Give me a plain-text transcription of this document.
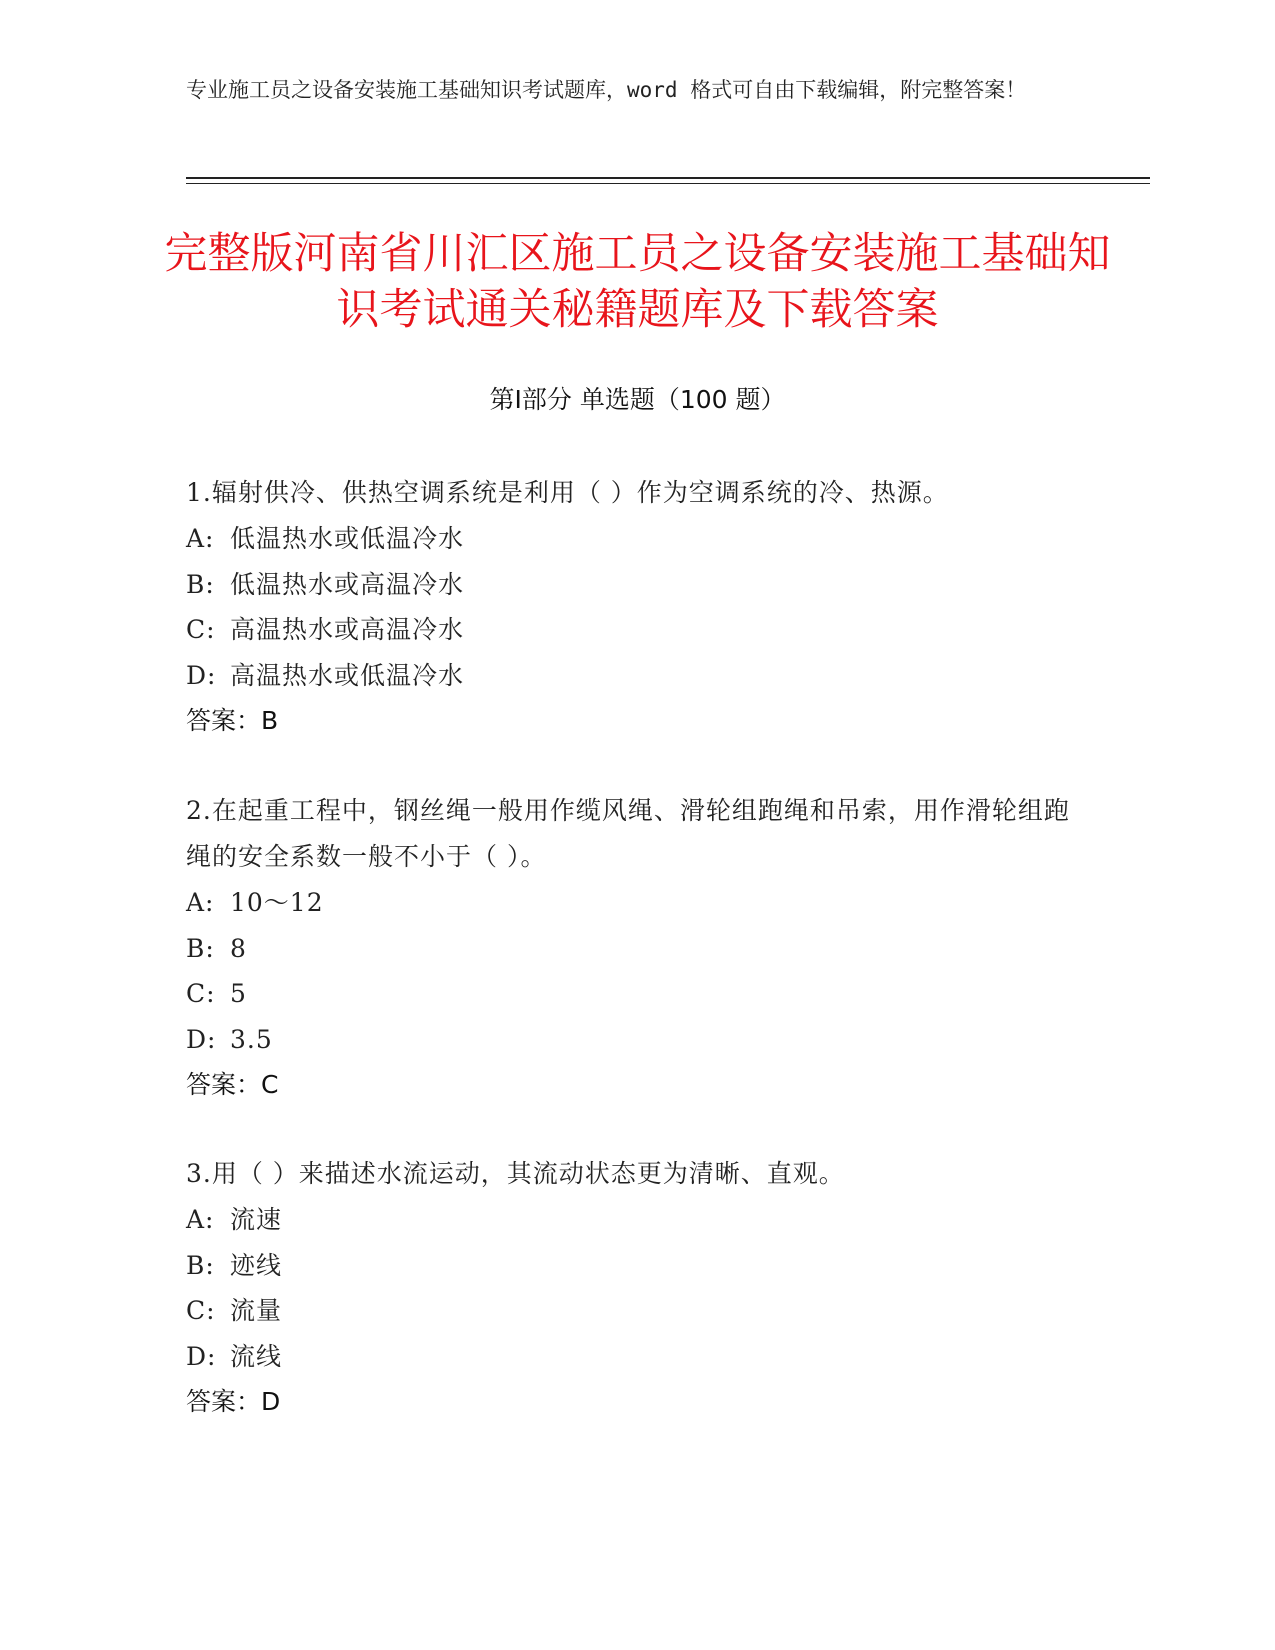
专业施工员之设备安装施工基础知识考试题库，word 格式可自由下载编辑，附完整答案！
完整版河南省川汇区施工员之设备安装施工基础知识考试通关秘籍题库及下载答案
第Ⅰ部分 单选题（100 题）
1.辐射供冷、供热空调系统是利用（ ）作为空调系统的冷、热源。
A: 低温热水或低温冷水
B: 低温热水或高温冷水
C: 高温热水或高温冷水
D: 高温热水或低温冷水
答案：B
2.在起重工程中，钢丝绳一般用作缆风绳、滑轮组跑绳和吊索，用作滑轮组跑绳的安全系数一般不小于（ ）。
A: 10～12
B: 8
C: 5
D: 3.5
答案：C
3.用（ ）来描述水流运动，其流动状态更为清晰、直观。
A: 流速
B: 迹线
C: 流量
D: 流线
答案：D
